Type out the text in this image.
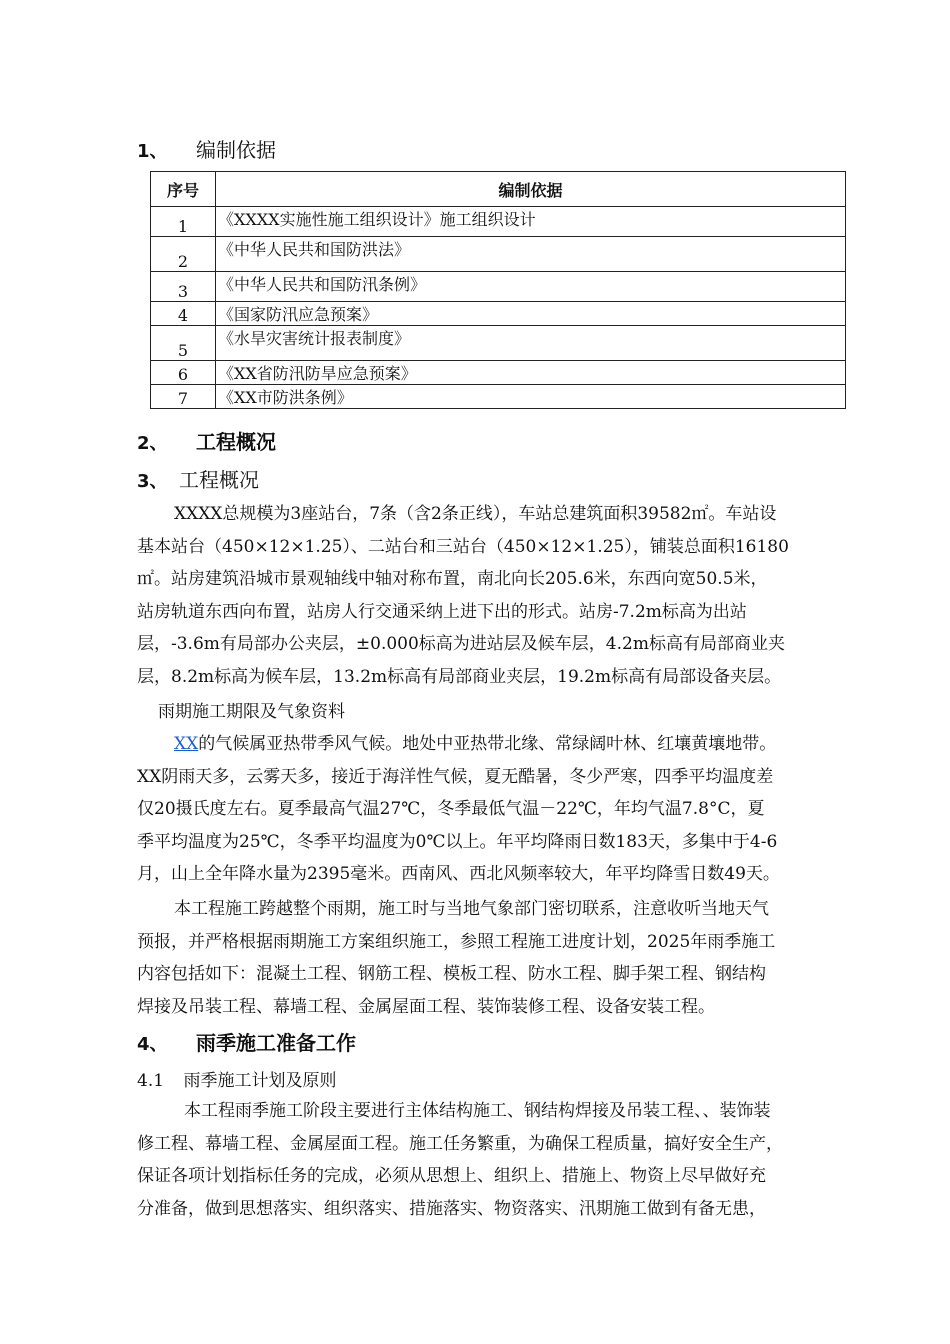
1、 编制依据
序号	编制依据
1	《XXXX实施性施工组织设计》施工组织设计
2	《中华人民共和国防洪法》
3	《中华人民共和国防汛条例》
4	《国家防汛应急预案》
5	《水旱灾害统计报表制度》
6	《XX省防汛防旱应急预案》
7	《XX市防洪条例》
2、 工程概况
3、 工程概况
XXXX总规模为3座站台，7条（含2条正线），车站总建筑面积39582㎡。车站设
基本站台（450×12×1.25）、二站台和三站台（450×12×1.25），铺装总面积16180
㎡。站房建筑沿城市景观轴线中轴对称布置，南北向长205.6米，东西向宽50.5米，
站房轨道东西向布置，站房人行交通采纳上进下出的形式。站房-7.2m标高为出站
层，-3.6m有局部办公夹层，±0.000标高为进站层及候车层，4.2m标高有局部商业夹
层，8.2m标高为候车层，13.2m标高有局部商业夹层，19.2m标高有局部设备夹层。
雨期施工期限及气象资料
XX的气候属亚热带季风气候。地处中亚热带北缘、常绿阔叶林、红壤黄壤地带。
XX阴雨天多，云雾天多，接近于海洋性气候，夏无酷暑，冬少严寒，四季平均温度差
仅20摄氏度左右。夏季最高气温27℃，冬季最低气温－22℃，年均气温7.8°C，夏
季平均温度为25℃，冬季平均温度为0℃以上。年平均降雨日数183天，多集中于4-6
月，山上全年降水量为2395毫米。西南风、西北风频率较大，年平均降雪日数49天。
本工程施工跨越整个雨期，施工时与当地气象部门密切联系，注意收听当地天气
预报，并严格根据雨期施工方案组织施工，参照工程施工进度计划，2025年雨季施工
内容包括如下：混凝土工程、钢筋工程、模板工程、防水工程、脚手架工程、钢结构
焊接及吊装工程、幕墙工程、金属屋面工程、装饰装修工程、设备安装工程。
4、 雨季施工准备工作
4.1 雨季施工计划及原则
本工程雨季施工阶段主要进行主体结构施工、钢结构焊接及吊装工程、、装饰装
修工程、幕墙工程、金属屋面工程。施工任务繁重，为确保工程质量，搞好安全生产，
保证各项计划指标任务的完成，必须从思想上、组织上、措施上、物资上尽早做好充
分准备，做到思想落实、组织落实、措施落实、物资落实、汛期施工做到有备无患，
